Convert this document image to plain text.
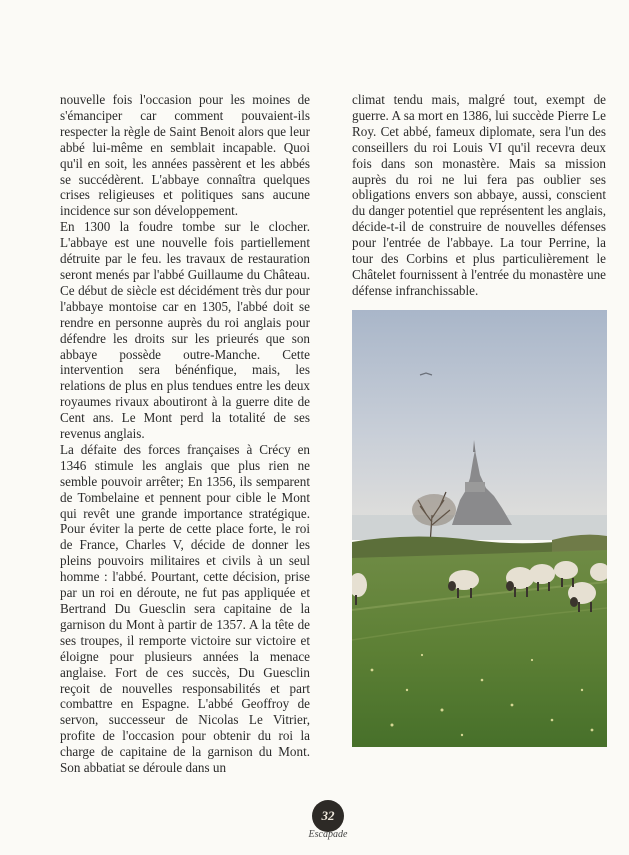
nouvelle fois l'occasion pour les moines de s'émanciper car comment pouvaient-ils respecter la règle de Saint Benoit alors que leur abbé lui-même en semblait incapable. Quoi qu'il en soit, les années passèrent et les abbés se succédèrent. L'abbaye connaîtra quelques crises religieuses et politiques sans aucune incidence sur son développement.

En 1300 la foudre tombe sur le clocher. L'abbaye est une nouvelle fois partiellement détruite par le feu. les travaux de restauration seront menés par l'abbé Guillaume du Château. Ce début de siècle est décidément très dur pour l'abbaye montoise car en 1305, l'abbé doit se rendre en personne auprès du roi anglais pour défendre les droits sur les prieurés que son abbaye possède outre-Manche. Cette intervention sera bénénfique, mais, les relations de plus en plus tendues entre les deux royaumes rivaux aboutiront à la guerre dite de Cent ans. Le Mont perd la totalité de ses revenus anglais.

La défaite des forces françaises à Crécy en 1346 stimule les anglais que plus rien ne semble pouvoir arrêter; En 1356, ils semparent de Tombelaine et pennent pour cible le Mont qui revêt une grande importance stratégique. Pour éviter la perte de cette place forte, le roi de France, Charles V, décide de donner les pleins pouvoirs militaires et civils à un seul homme : l'abbé. Pourtant, cette décision, prise par un roi en déroute, ne fut pas appliquée et Bertrand Du Guesclin sera capitaine de la garnison du Mont à partir de 1357. A la tête de ses troupes, il remporte victoire sur victoire et éloigne pour plusieurs années la menace anglaise. Fort de ces succès, Du Guesclin reçoit de nouvelles responsabilités et part combattre en Espagne. L'abbé Geoffroy de servon, successeur de Nicolas Le Vitrier, profite de l'occasion pour obtenir du roi la charge de capitaine de la garnison du Mont. Son abbatiat se déroule dans un

climat tendu mais, malgré tout, exempt de guerre. A sa mort en 1386, lui succède Pierre Le Roy. Cet abbé, fameux diplomate, sera l'un des conseillers du roi Louis VI qu'il recevra deux fois dans son monastère. Mais sa mission auprès du roi ne lui fera pas oublier ses obligations envers son abbaye, aussi, conscient du danger potentiel que représentent les anglais, décide-t-il de construire de nouvelles défenses pour l'entrée de l'abbaye. La tour Perrine, la tour des Corbins et plus particulièrement le Châtelet fournissent à l'entrée du monastère une défense infranchissable.

32
Escapade
